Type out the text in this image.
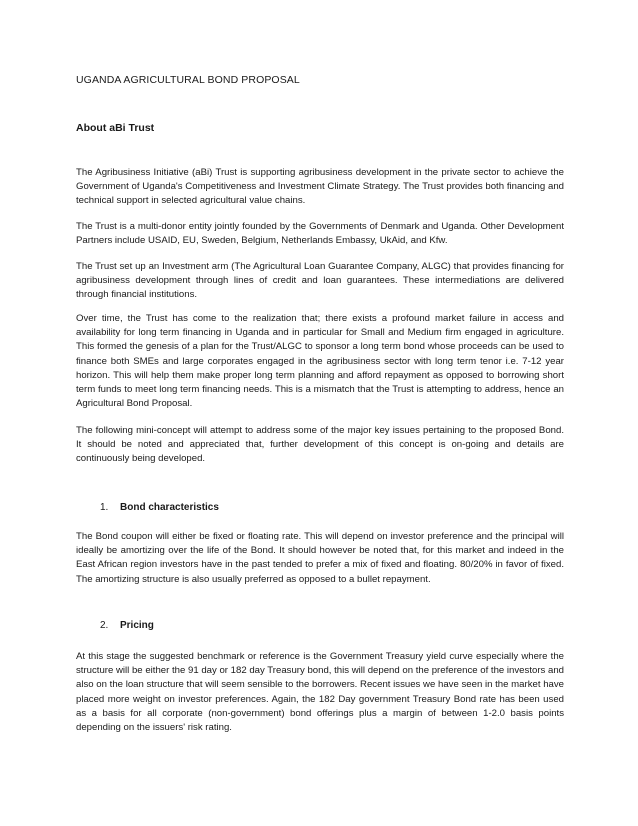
UGANDA AGRICULTURAL BOND PROPOSAL
About aBi Trust

The Agribusiness Initiative (aBi) Trust is supporting agribusiness development in the private sector to achieve the Government of Uganda's Competitiveness and Investment Climate Strategy. The Trust provides both financing and technical support in selected agricultural value chains.

The Trust is a multi-donor entity jointly founded by the Governments of Denmark and Uganda. Other Development Partners include USAID, EU, Sweden, Belgium, Netherlands Embassy, UkAid, and Kfw.

The Trust set up an Investment arm (The Agricultural Loan Guarantee Company, ALGC) that provides financing for agribusiness development through lines of credit and loan guarantees. These intermediations are delivered through financial institutions.

Over time, the Trust has come to the realization that; there exists a profound market failure in access and availability for long term financing in Uganda and in particular for Small and Medium firm engaged in agriculture. This formed the genesis of a plan for the Trust/ALGC to sponsor a long term bond whose proceeds can be used to finance both SMEs and large corporates engaged in the agribusiness sector with long term tenor i.e. 7-12 year horizon. This will help them make proper long term planning and afford repayment as opposed to borrowing short term funds to meet long term financing needs. This is a mismatch that the Trust is attempting to address, hence an Agricultural Bond Proposal.

The following mini-concept will attempt to address some of the major key issues pertaining to the proposed Bond. It should be noted and appreciated that, further development of this concept is on-going and details are continuously being developed.

1. Bond characteristics

The Bond coupon will either be fixed or floating rate. This will depend on investor preference and the principal will ideally be amortizing over the life of the Bond. It should however be noted that, for this market and indeed in the East African region investors have in the past tended to prefer a mix of fixed and floating. 80/20% in favor of fixed. The amortizing structure is also usually preferred as opposed to a bullet repayment.

2. Pricing

At this stage the suggested benchmark or reference is the Government Treasury yield curve especially where the structure will be either the 91 day or 182 day Treasury bond, this will depend on the preference of the investors and also on the loan structure that will seem sensible to the borrowers. Recent issues we have seen in the market have placed more weight on investor preferences. Again, the 182 Day government Treasury Bond rate has been used as a basis for all corporate (non-government) bond offerings plus a margin of between 1-2.0 basis points depending on the issuers' risk rating.
